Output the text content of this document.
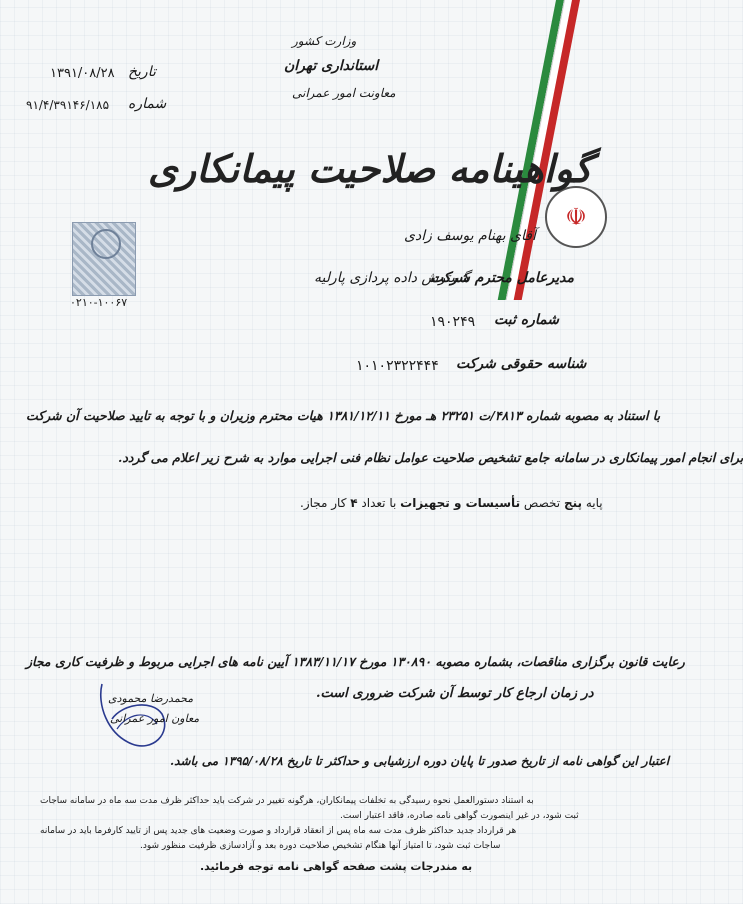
☫
وزارت کشور
استانداری تهران
معاونت امور عمرانی
تاریخ
۱۳۹۱/۰۸/۲۸
شماره
۹۱/۴/۳۹۱۴۶/۱۸۵
گواهینامه صلاحیت پیمانکاری
۰۲۱۰-۱۰۰۶۷
آقای بهنام یوسف زادی
مدیرعامل محترم شرکت
گسترش داده پردازی پارلیه
شماره ثبت
۱۹۰۲۴۹
شناسه حقوقی شرکت
۱۰۱۰۲۳۲۲۴۴۴
با استناد به مصوبه شماره ۴۸۱۳/ت ۲۳۲۵۱ هـ مورخ ۱۳۸۱/۱۲/۱۱ هیات محترم وزیران و با توجه به تایید صلاحیت آن شرکت
برای انجام امور پیمانکاری در سامانه جامع تشخیص صلاحیت عوامل نظام فنی اجرایی موارد به شرح زیر اعلام می گردد.
پایه پنج تخصص تأسیسات و تجهیزات با تعداد ۴ کار مجاز.
رعایت قانون برگزاری مناقصات، بشماره مصوبه ۱۳۰۸۹۰ مورخ ۱۳۸۳/۱۱/۱۷ آیین نامه های اجرایی مربوط و ظرفیت کاری مجاز
در زمان ارجاع کار توسط آن شرکت ضروری است.
محمدرضا محمودی
معاون امور عمرانی
اعتبار این گواهی نامه از تاریخ صدور تا پایان دوره ارزشیابی و حداکثر تا تاریخ ۱۳۹۵/۰۸/۲۸ می باشد.
به استناد دستورالعمل نحوه رسیدگی به تخلفات پیمانکاران، هرگونه تغییر در شرکت باید حداکثر ظرف مدت سه ماه در سامانه ساجات
ثبت شود، در غیر اینصورت گواهی نامه صادره، فاقد اعتبار است.
هر قرارداد جدید حداکثر ظرف مدت سه ماه پس از انعقاد قرارداد و صورت وضعیت های جدید پس از تایید کارفرما باید در سامانه
ساجات ثبت شود، تا امتیاز آنها هنگام تشخیص صلاحیت دوره بعد و آزادسازی ظرفیت منظور شود.
به مندرجات پشت صفحه گواهی نامه توجه فرمائید.
